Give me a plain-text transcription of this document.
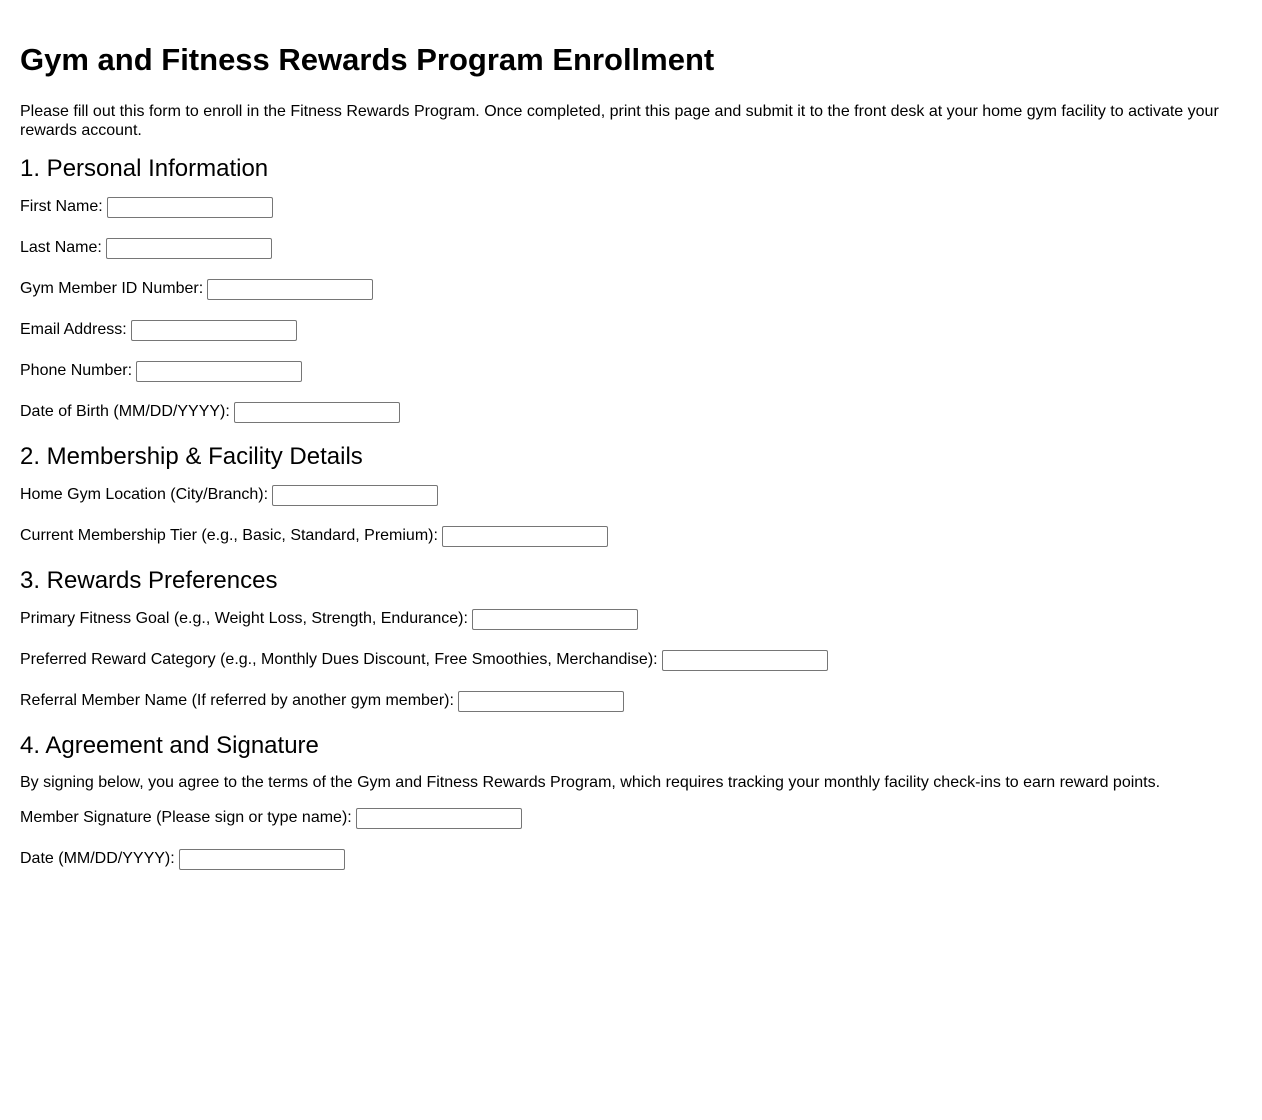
Gym and Fitness Rewards Program Enrollment

Please fill out this form to enroll in the Fitness Rewards Program. Once completed, print this page and submit it to the front desk at your home gym facility to activate your rewards account.

1. Personal Information
First Name:
Last Name:
Gym Member ID Number:
Email Address:
Phone Number:
Date of Birth (MM/DD/YYYY):
2. Membership & Facility Details
Home Gym Location (City/Branch):
Current Membership Tier (e.g., Basic, Standard, Premium):
3. Rewards Preferences
Primary Fitness Goal (e.g., Weight Loss, Strength, Endurance):
Preferred Reward Category (e.g., Monthly Dues Discount, Free Smoothies, Merchandise):
Referral Member Name (If referred by another gym member):
4. Agreement and Signature

By signing below, you agree to the terms of the Gym and Fitness Rewards Program, which requires tracking your monthly facility check-ins to earn reward points.

Member Signature (Please sign or type name):
Date (MM/DD/YYYY):
